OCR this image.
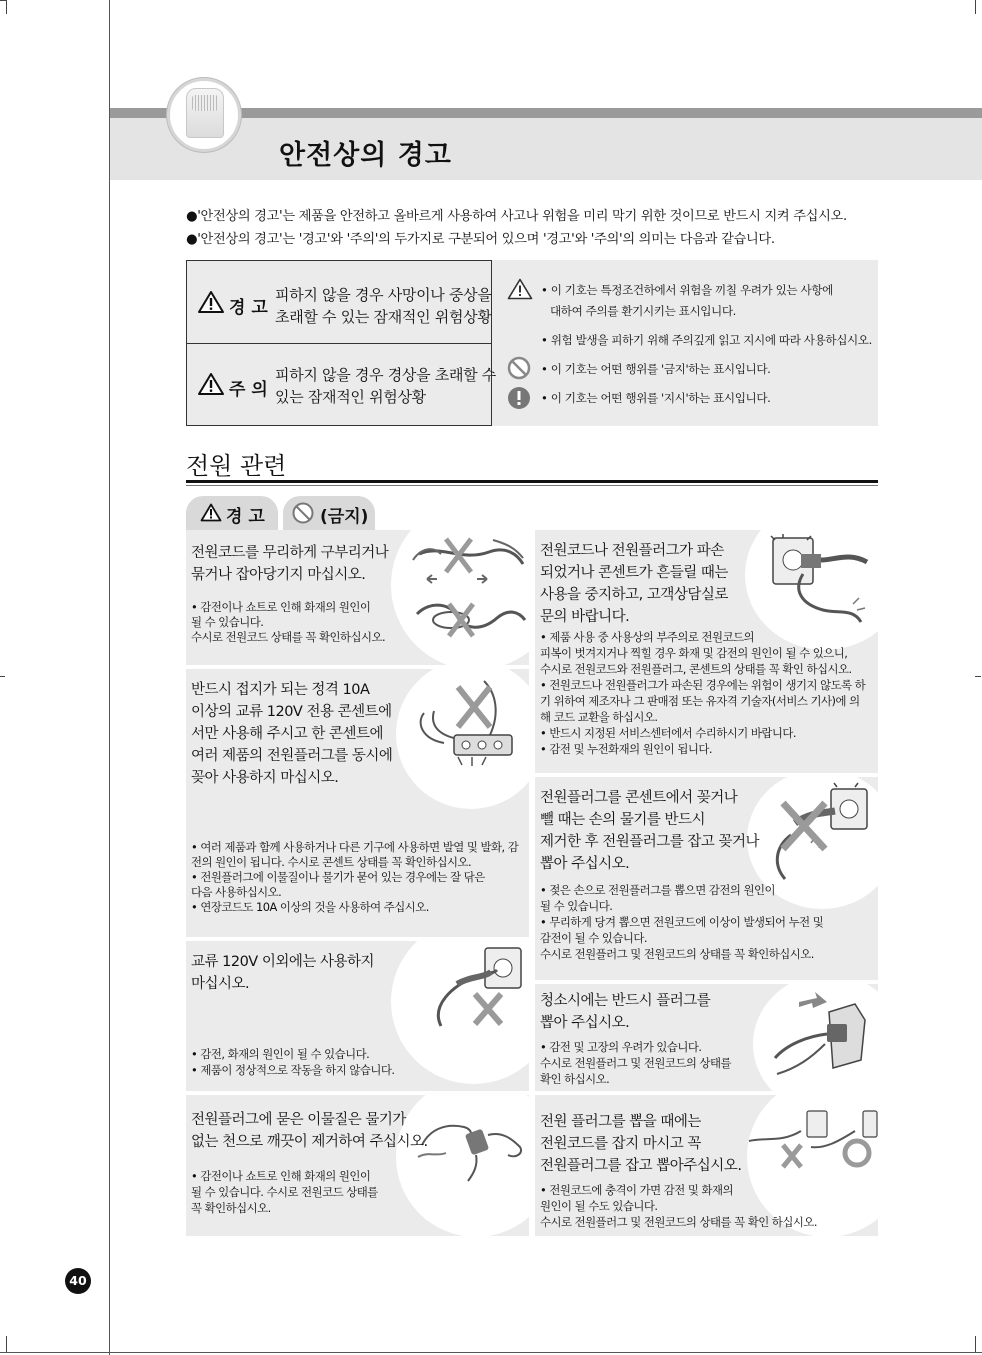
안전상의 경고
●'안전상의 경고'는 제품을 안전하고 올바르게 사용하여 사고나 위험을 미리 막기 위한 것이므로 반드시 지켜 주십시오.
●'안전상의 경고'는 '경고'와 '주의'의 두가지로 구분되어 있으며 '경고'와 '주의'의 의미는 다음과 같습니다.
경 고
피하지 않을 경우 사망이나 중상을
초래할 수 있는 잠재적인 위험상황
주 의
피하지 않을 경우 경상을 초래할 수
있는 잠재적인 위험상황
• 이 기호는 특정조건하에서 위험을 끼칠 우려가 있는 사항에
대하여 주의를 환기시키는 표시입니다.
• 위험 발생을 피하기 위해 주의깊게 읽고 지시에 따라 사용하십시오.
• 이 기호는 어떤 행위를 '금지'하는 표시입니다.
• 이 기호는 어떤 행위를 '지시'하는 표시입니다.
전원 관련
경 고	(금지)
전원코드를 무리하게 구부리거나
묶거나 잡아당기지 마십시오.
• 감전이나 쇼트로 인해 화재의 원인이
될 수 있습니다.
수시로 전원코드 상태를 꼭 확인하십시오.
반드시 접지가 되는 정격 10A
이상의 교류 120V 전용 콘센트에
서만 사용해 주시고 한 콘센트에
여러 제품의 전원플러그를 동시에
꽂아 사용하지 마십시오.
• 여러 제품과 함께 사용하거나 다른 기구에 사용하면 발열 및 발화, 감
전의 원인이 됩니다. 수시로 콘센트 상태를 꼭 확인하십시오.
• 전원플러그에 이물질이나 물기가 묻어 있는 경우에는 잘 닦은
다음 사용하십시오.
• 연장코드도 10A 이상의 것을 사용하여 주십시오.
교류 120V 이외에는 사용하지
마십시오.
• 감전, 화재의 원인이 될 수 있습니다.
• 제품이 정상적으로 작동을 하지 않습니다.
전원플러그에 묻은 이물질은 물기가
없는 천으로 깨끗이 제거하여 주십시오.
• 감전이나 쇼트로 인해 화재의 원인이
될 수 있습니다. 수시로 전원코드 상태를
꼭 확인하십시오.
전원코드나 전원플러그가 파손
되었거나 콘센트가 흔들릴 때는
사용을 중지하고, 고객상담실로
문의 바랍니다.
• 제품 사용 중 사용상의 부주의로 전원코드의
피복이 벗겨지거나 찍힐 경우 화재 및 감전의 원인이 될 수 있으니,
수시로 전원코드와 전원플러그, 콘센트의 상태를 꼭 확인 하십시오.
• 전원코드나 전원플러그가 파손된 경우에는 위험이 생기지 않도록 하
기 위하여 제조자나 그 판매점 또는 유자격 기술자(서비스 기사)에 의
해 코드 교환을 하십시오.
• 반드시 지정된 서비스센터에서 수리하시기 바랍니다.
• 감전 및 누전화재의 원인이 됩니다.
전원플러그를 콘센트에서 꽂거나
뺄 때는 손의 물기를 반드시
제거한 후 전원플러그를 잡고 꽂거나
뽑아 주십시오.
• 젖은 손으로 전원플러그를 뽑으면 감전의 원인이
될 수 있습니다.
• 무리하게 당겨 뽑으면 전원코드에 이상이 발생되어 누전 및
감전이 될 수 있습니다.
수시로 전원플러그 및 전원코드의 상태를 꼭 확인하십시오.
청소시에는 반드시 플러그를
뽑아 주십시오.
• 감전 및 고장의 우려가 있습니다.
수시로 전원플러그 및 전원코드의 상태를
확인 하십시오.
전원 플러그를 뽑을 때에는
전원코드를 잡지 마시고 꼭
전원플러그를 잡고 뽑아주십시오.
• 전원코드에 충격이 가면 감전 및 화재의
원인이 될 수도 있습니다.
수시로 전원플러그 및 전원코드의 상태를 꼭 확인 하십시오.
40
